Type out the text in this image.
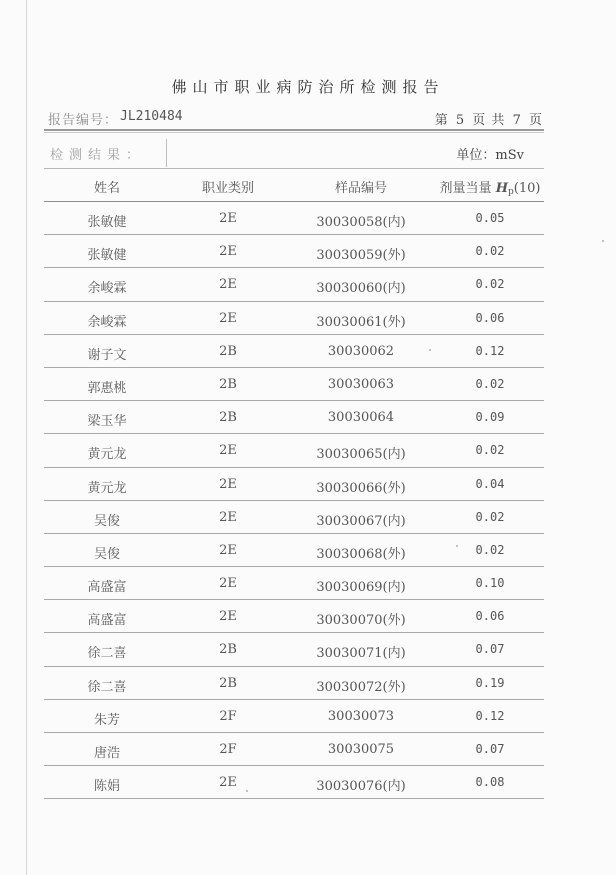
佛山市职业病防治所检测报告
报告编号： JL210484	第 5 页 共 7 页
检测结果：	单位：mSv
姓名	职业类别	样品编号	剂量当量 Hp(10)
张敏健	2E	30030058(内)	0.05
张敏健	2E	30030059(外)	0.02
余峻霖	2E	30030060(内)	0.02
余峻霖	2E	30030061(外)	0.06
谢子文	2B	30030062	0.12
郭惠桃	2B	30030063	0.02
梁玉华	2B	30030064	0.09
黄元龙	2E	30030065(内)	0.02
黄元龙	2E	30030066(外)	0.04
吴俊	2E	30030067(内)	0.02
吴俊	2E	30030068(外)	0.02
高盛富	2E	30030069(内)	0.10
高盛富	2E	30030070(外)	0.06
徐二喜	2B	30030071(内)	0.07
徐二喜	2B	30030072(外)	0.19
朱芳	2F	30030073	0.12
唐浩	2F	30030075	0.07
陈娟	2E	30030076(内)	0.08
